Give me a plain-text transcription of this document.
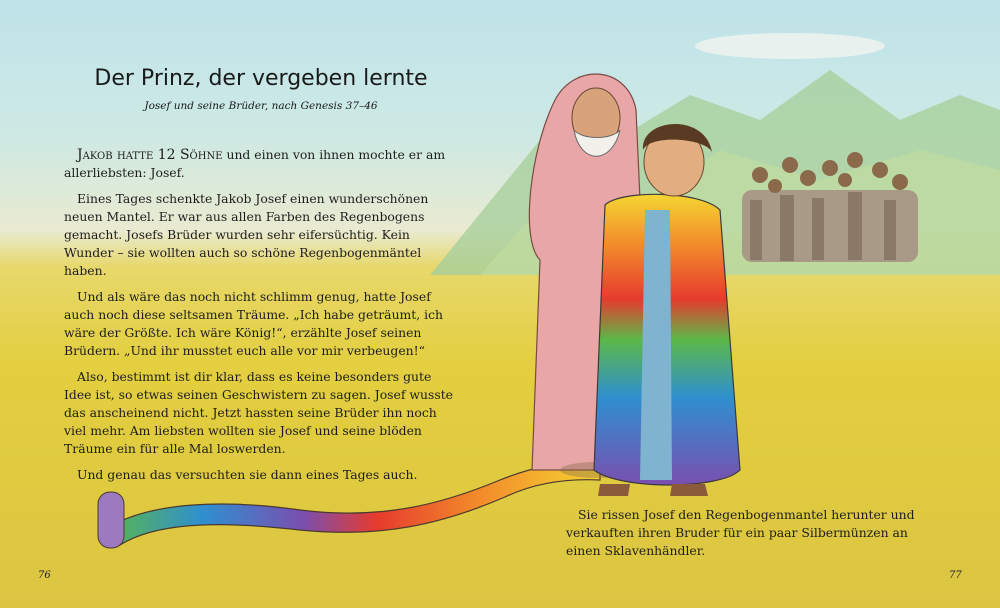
Der Prinz, der vergeben lernte
Josef und seine Brüder, nach Genesis 37–46

Jakob hatte 12 Söhne und einen von ihnen mochte er am allerliebsten: Josef.

Eines Tages schenkte Jakob Josef einen wunderschönen neuen Mantel. Er war aus allen Farben des Regenbogens gemacht. Josefs Brüder wurden sehr eifersüchtig. Kein Wunder – sie wollten auch so schöne Regenbogenmäntel haben.

Und als wäre das noch nicht schlimm genug, hatte Josef auch noch diese seltsamen Träume. „Ich habe geträumt, ich wäre der Größte. Ich wäre König!“, erzählte Josef seinen Brüdern. „Und ihr musstet euch alle vor mir verbeugen!“

Also, bestimmt ist dir klar, dass es keine besonders gute Idee ist, so etwas seinen Geschwistern zu sagen. Josef wusste das anscheinend nicht. Jetzt hassten seine Brüder ihn noch viel mehr. Am liebsten wollten sie Josef und seine blöden Träume ein für alle Mal loswerden.

Und genau das versuchten sie dann eines Tages auch.

Sie rissen Josef den Regenbogenmantel herunter und verkauften ihren Bruder für ein paar Silbermünzen an einen Sklavenhändler.
76	77
